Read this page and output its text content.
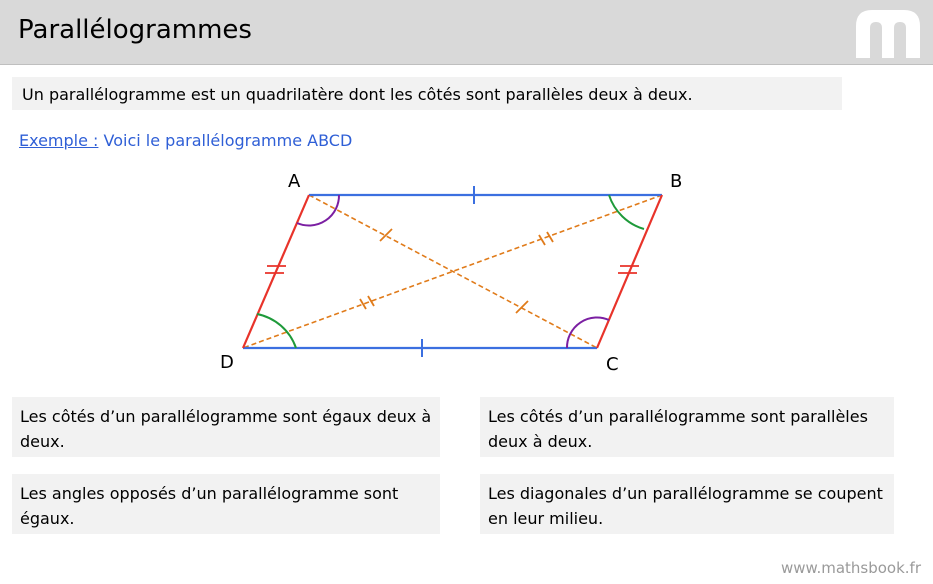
Parallélogrammes
Un parallélogramme est un quadrilatère dont les côtés sont parallèles deux à deux.
Exemple : Voici le parallélogramme ABCD
A	B
C
D
Les côtés d’un parallélogramme sont égaux deux à deux.
Les côtés d’un parallélogramme sont parallèles deux à deux.
Les angles opposés d’un parallélogramme sont égaux.
Les diagonales d’un parallélogramme se coupent en leur milieu.
www.mathsbook.fr
